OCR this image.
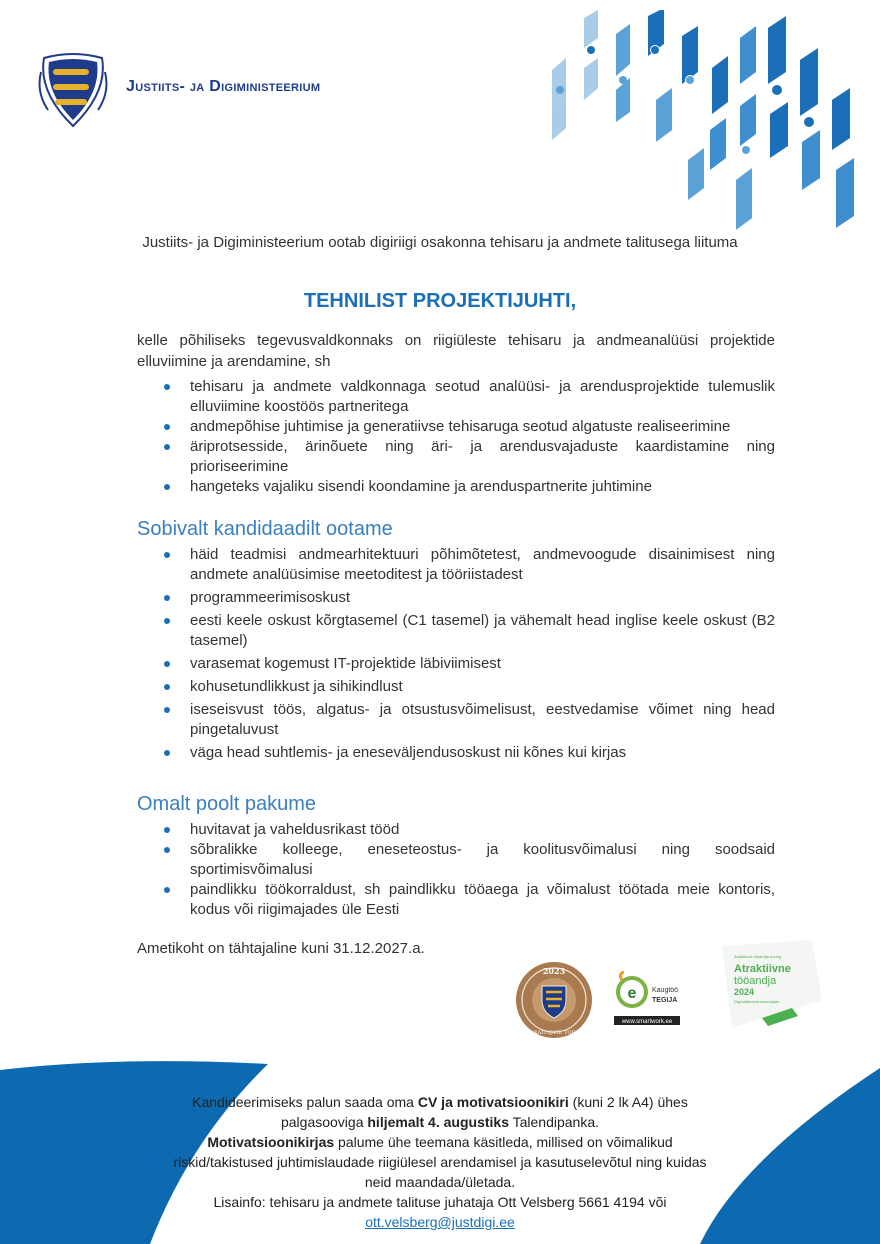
Justiits- ja Digiministeerium
Justiits- ja Digiministeerium ootab digiriigi osakonna tehisaru ja andmete talitusega liituma
TEHNILIST PROJEKTIJUHTI,
kelle põhiliseks tegevusvaldkonnaks on riigiüleste tehisaru ja andmeanalüüsi projektide elluviimine ja arendamine, sh
tehisaru ja andmete valdkonnaga seotud analüüsi- ja arendusprojektide tulemuslik elluviimine koostöös partneritega
andmepõhise juhtimise ja generatiivse tehisaruga seotud algatuste realiseerimine
äriprotsesside, ärinõuete ning äri- ja arendusvajaduste kaardistamine ning prioriseerimine
hangeteks vajaliku sisendi koondamine ja arenduspartnerite juhtimine
Sobivalt kandidaadilt ootame
häid teadmisi andmearhitektuuri põhimõtetest, andmevoogude disainimisest ning andmete analüüsimise meetoditest ja tööriistadest
programmeerimisoskust
eesti keele oskust kõrgtasemel (C1 tasemel) ja vähemalt head inglise keele oskust (B2 tasemel)
varasemat kogemust IT-projektide läbiviimisest
kohusetundlikkust ja sihikindlust
iseseisvust töös, algatus- ja otsustusvõimelisust, eestvedamise võimet ning head pingetaluvust
väga head suhtlemis- ja eneseväljendusoskust nii kõnes kui kirjas
Omalt poolt pakume
huvitavat ja vaheldusrikast tööd
sõbralikke kolleege, eneseteostus- ja koolitusvõimalusi ning soodsaid sportimisvõimalusi
paindlikku töökorraldust, sh paindlikku tööaega ja võimalust töötada meie kontoris, kodus või riigimajades üle Eesti
Ametikoht on tähtajaline kuni 31.12.2027.a.
2023
RIIGIKAITSJATE TOETAJA
e Kaugtöö
TEGIJA
www.smartwork.ee
Atraktiivse tööandja uuring
Atraktiivne
tööandja
2024
Digivaldkonna arendajale
Kandideerimiseks palun saada oma CV ja motivatsioonikiri (kuni 2 lk A4) ühes
palgasooviga hiljemalt 4. augustiks Talendipanka.
Motivatsioonikirjas palume ühe teemana käsitleda, millised on võimalikud
riskid/takistused juhtimislaudade riigiülesel arendamisel ja kasutuselevõtul ning kuidas
neid maandada/ületada.
Lisainfo: tehisaru ja andmete talituse juhataja Ott Velsberg 5661 4194 või
ott.velsberg@justdigi.ee
